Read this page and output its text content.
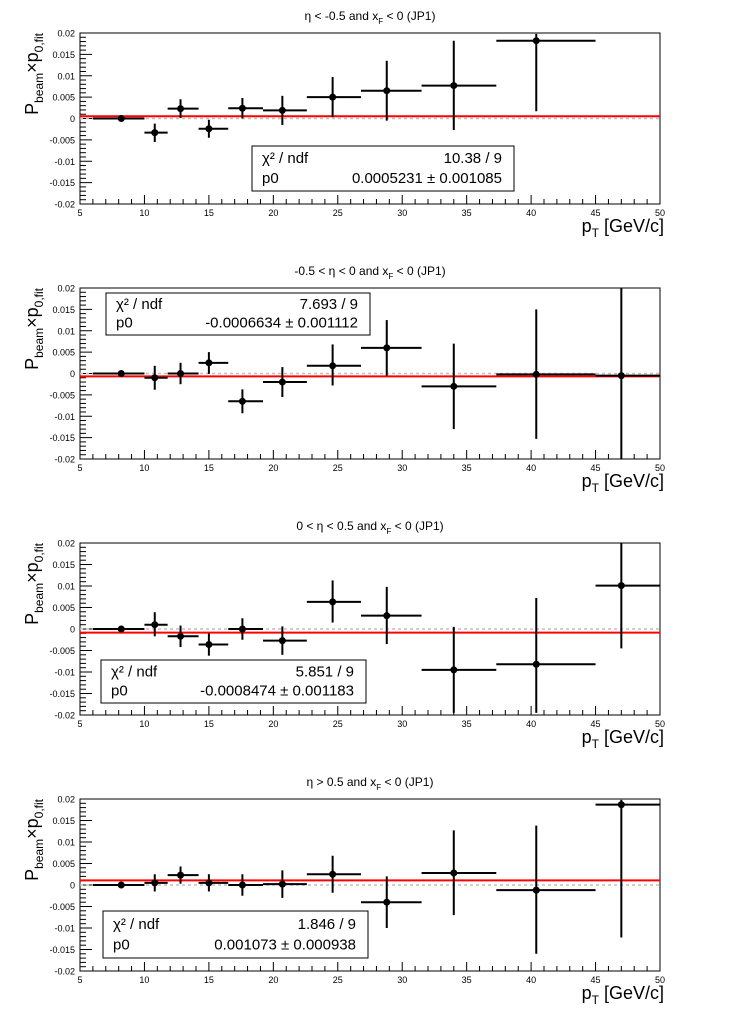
η < -0.5 and $x_F < 0$ (JP1)
5	10	15	20	25	30	35	40	45	50
0.02
0.015
0.01
0.005
0
-0.005
-0.01
-0.015
-0.02
$p_T$ [GeV/c]
$P_{beam}\times p_{0,fit}$
χ² / ndf	10.38 / 9
p0	0.0005231 ± 0.001085
-0.5 < η < 0 and $x_F < 0$ (JP1)
5	10	15	20	25	30	35	40	45	50
0.02
0.015
0.01
0.005
0
-0.005
-0.01
-0.015
-0.02
$p_T$ [GeV/c]
$P_{beam}\times p_{0,fit}$	χ² / ndf	7.693 / 9
p0	-0.0006634 ± 0.001112
0 < η < 0.5 and $x_F < 0$ (JP1)
5	10	15	20	25	30	35	40	45	50
0.02
0.015
0.01
0.005
0
-0.005
-0.01
-0.015
-0.02
$p_T$ [GeV/c]
$P_{beam}\times p_{0,fit}$
χ² / ndf	5.851 / 9
p0	-0.0008474 ± 0.001183
η > 0.5 and $x_F < 0$ (JP1)
5	10	15	20	25	30	35	40	45	50
0.02
0.015
0.01
0.005
0
-0.005
-0.01
-0.015
-0.02
$p_T$ [GeV/c]
$P_{beam}\times p_{0,fit}$
χ² / ndf	1.846 / 9
p0	0.001073 ± 0.000938
